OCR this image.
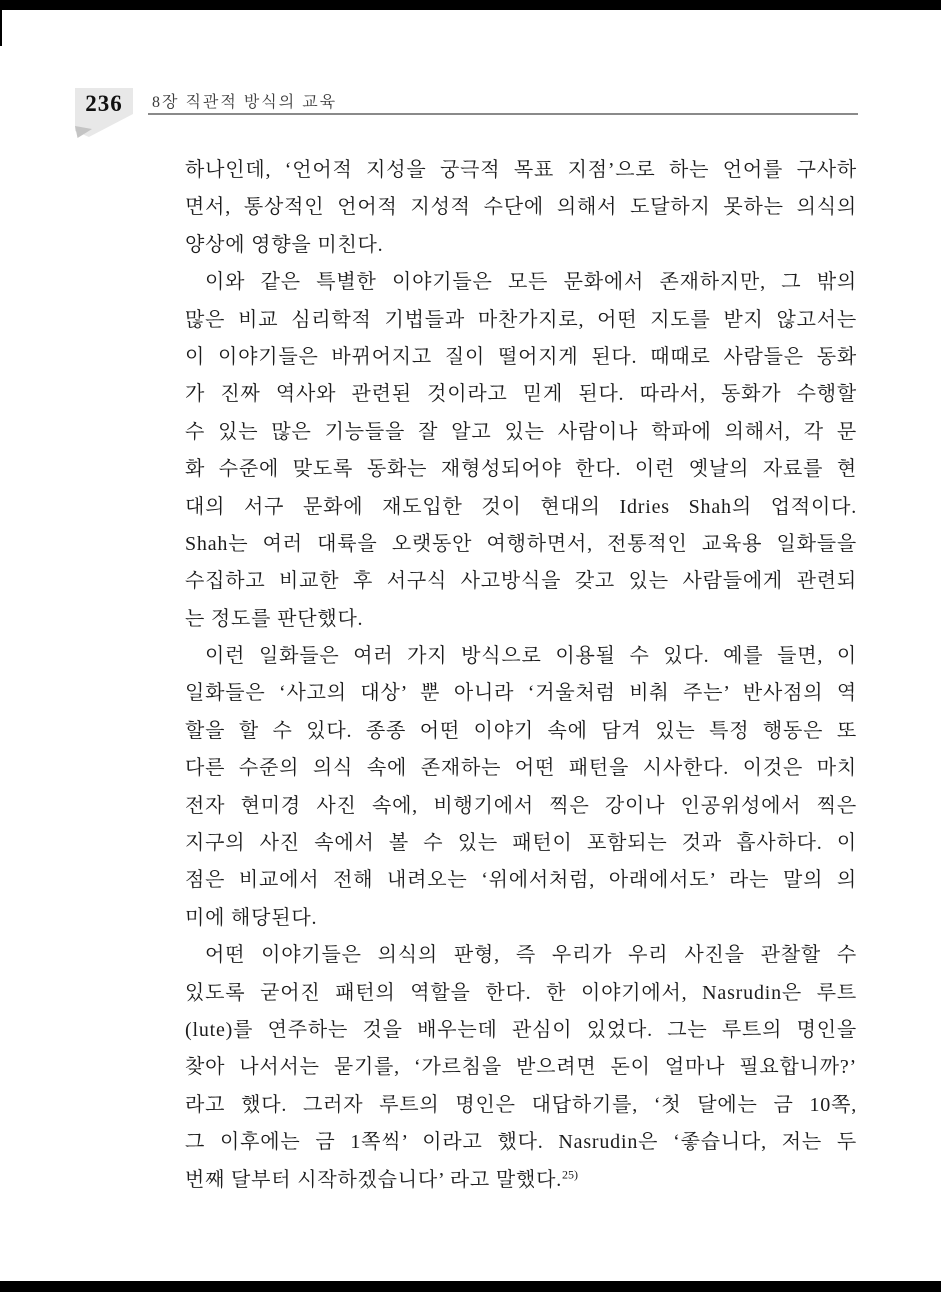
236	8장 직관적 방식의 교육
하나인데, ‘언어적 지성을 궁극적 목표 지점’으로 하는 언어를 구사하
면서, 통상적인 언어적 지성적 수단에 의해서 도달하지 못하는 의식의
양상에 영향을 미친다.
이와 같은 특별한 이야기들은 모든 문화에서 존재하지만, 그 밖의
많은 비교 심리학적 기법들과 마찬가지로, 어떤 지도를 받지 않고서는
이 이야기들은 바뀌어지고 질이 떨어지게 된다. 때때로 사람들은 동화
가 진짜 역사와 관련된 것이라고 믿게 된다. 따라서, 동화가 수행할
수 있는 많은 기능들을 잘 알고 있는 사람이나 학파에 의해서, 각 문
화 수준에 맞도록 동화는 재형성되어야 한다. 이런 옛날의 자료를 현
대의 서구 문화에 재도입한 것이 현대의 Idries Shah의 업적이다.
Shah는 여러 대륙을 오랫동안 여행하면서, 전통적인 교육용 일화들을
수집하고 비교한 후 서구식 사고방식을 갖고 있는 사람들에게 관련되
는 정도를 판단했다.
이런 일화들은 여러 가지 방식으로 이용될 수 있다. 예를 들면, 이
일화들은 ‘사고의 대상’ 뿐 아니라 ‘거울처럼 비춰 주는’ 반사점의 역
할을 할 수 있다. 종종 어떤 이야기 속에 담겨 있는 특정 행동은 또
다른 수준의 의식 속에 존재하는 어떤 패턴을 시사한다. 이것은 마치
전자 현미경 사진 속에, 비행기에서 찍은 강이나 인공위성에서 찍은
지구의 사진 속에서 볼 수 있는 패턴이 포함되는 것과 흡사하다. 이
점은 비교에서 전해 내려오는 ‘위에서처럼, 아래에서도’ 라는 말의 의
미에 해당된다.
어떤 이야기들은 의식의 판형, 즉 우리가 우리 사진을 관찰할 수
있도록 굳어진 패턴의 역할을 한다. 한 이야기에서, Nasrudin은 루트
(lute)를 연주하는 것을 배우는데 관심이 있었다. 그는 루트의 명인을
찾아 나서서는 묻기를, ‘가르침을 받으려면 돈이 얼마나 필요합니까?’
라고 했다. 그러자 루트의 명인은 대답하기를, ‘첫 달에는 금 10쪽,
그 이후에는 금 1쪽씩’ 이라고 했다. Nasrudin은 ‘좋습니다, 저는 두
번째 달부터 시작하겠습니다’ 라고 말했다.$^{25)}$
